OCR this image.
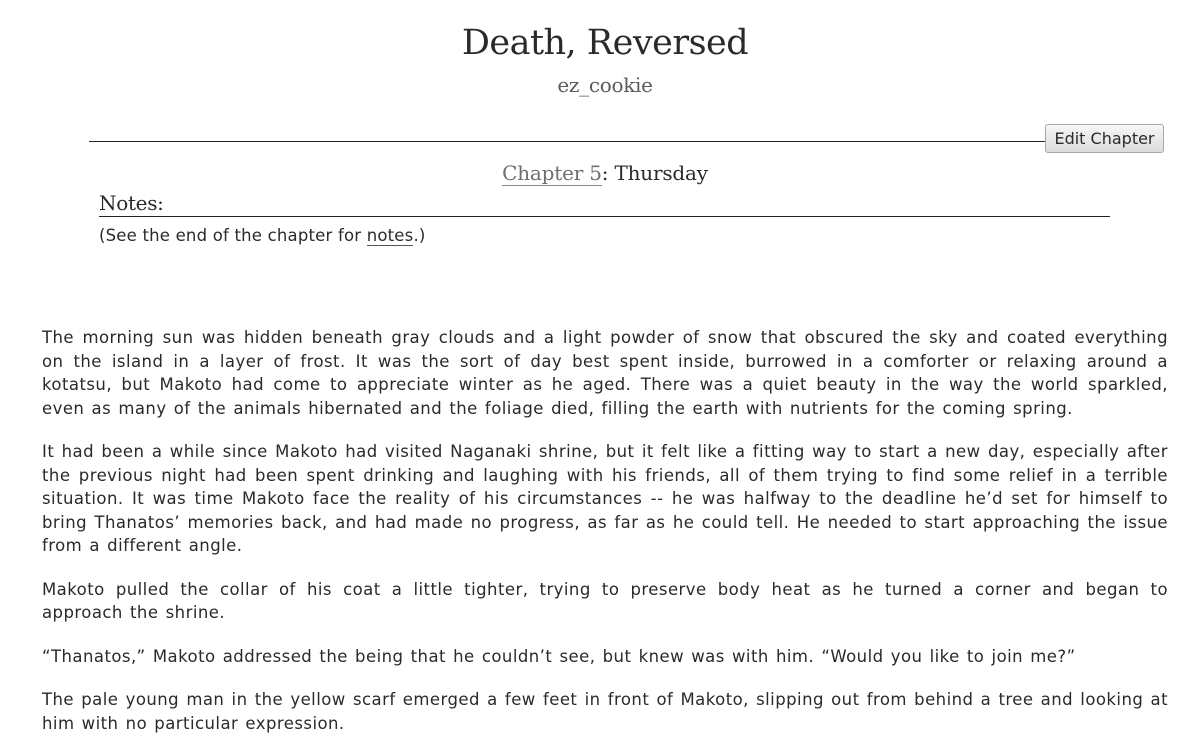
Death, Reversed
ez_cookie
Edit Chapter
Chapter 5: Thursday
Notes:
(See the end of the chapter for notes.)

The morning sun was hidden beneath gray clouds and a light powder of snow that obscured the sky and coated everything on the island in a layer of frost. It was the sort of day best spent inside, burrowed in a comforter or relaxing around a kotatsu, but Makoto had come to appreciate winter as he aged. There was a quiet beauty in the way the world sparkled, even as many of the animals hibernated and the foliage died, filling the earth with nutrients for the coming spring.

It had been a while since Makoto had visited Naganaki shrine, but it felt like a fitting way to start a new day, especially after the previous night had been spent drinking and laughing with his friends, all of them trying to find some relief in a terrible situation. It was time Makoto face the reality of his circumstances -- he was halfway to the deadline he’d set for himself to bring Thanatos’ memories back, and had made no progress, as far as he could tell. He needed to start approaching the issue from a different angle.

Makoto pulled the collar of his coat a little tighter, trying to preserve body heat as he turned a corner and began to approach the shrine.

“Thanatos,” Makoto addressed the being that he couldn’t see, but knew was with him. “Would you like to join me?”

The pale young man in the yellow scarf emerged a few feet in front of Makoto, slipping out from behind a tree and looking at him with no particular expression.
